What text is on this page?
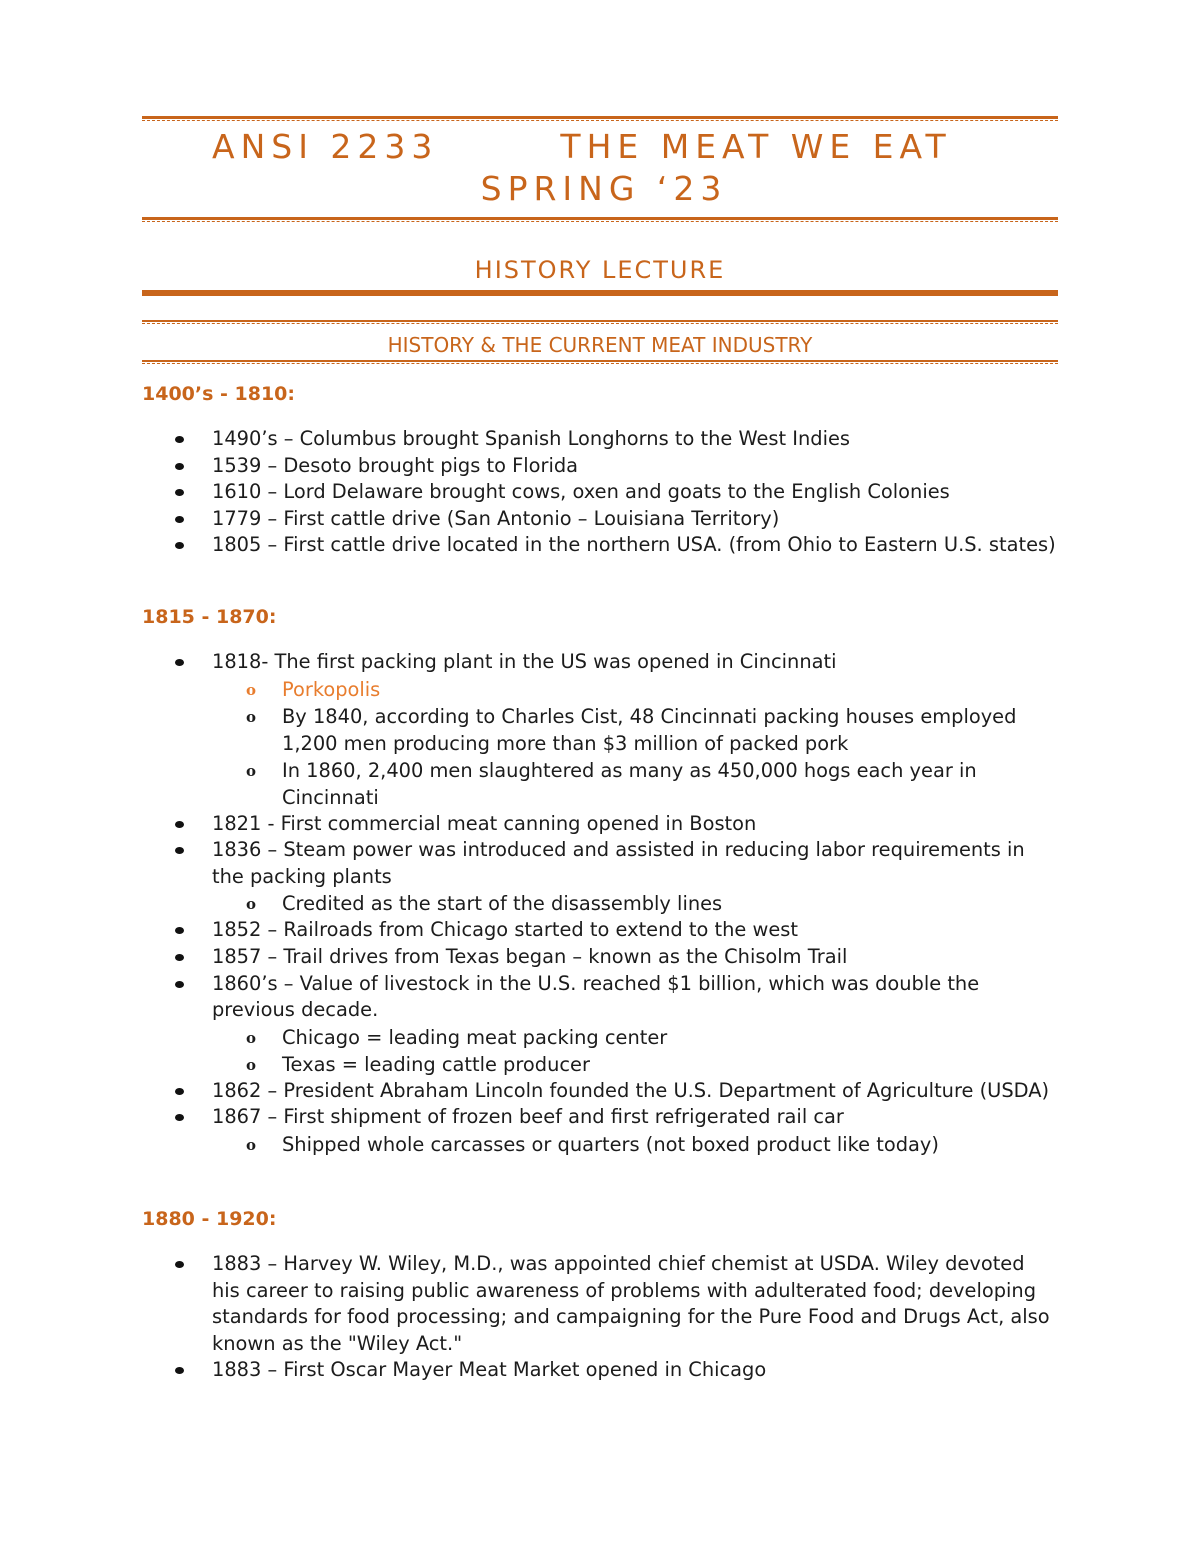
ANSI 2233	THE MEAT WE EAT
SPRING ‘23
HISTORY LECTURE
HISTORY & THE CURRENT MEAT INDUSTRY
1400’s - 1810:
1490’s – Columbus brought Spanish Longhorns to the West Indies
1539 – Desoto brought pigs to Florida
1610 – Lord Delaware brought cows, oxen and goats to the English Colonies
1779 – First cattle drive (San Antonio – Louisiana Territory)
1805 – First cattle drive located in the northern USA. (from Ohio to Eastern U.S. states)
1815 - 1870:
1818- The first packing plant in the US was opened in Cincinnati
o Porkopolis
o By 1840, according to Charles Cist, 48 Cincinnati packing houses employed 1,200 men producing more than $3 million of packed pork
o In 1860, 2,400 men slaughtered as many as 450,000 hogs each year in Cincinnati
1821 - First commercial meat canning opened in Boston
1836 – Steam power was introduced and assisted in reducing labor requirements in the packing plants
o Credited as the start of the disassembly lines
1852 – Railroads from Chicago started to extend to the west
1857 – Trail drives from Texas began – known as the Chisolm Trail
1860’s – Value of livestock in the U.S. reached $1 billion, which was double the previous decade.
o Chicago = leading meat packing center
o Texas = leading cattle producer
1862 – President Abraham Lincoln founded the U.S. Department of Agriculture (USDA)
1867 – First shipment of frozen beef and first refrigerated rail car
o Shipped whole carcasses or quarters (not boxed product like today)
1880 - 1920:
1883 – Harvey W. Wiley, M.D., was appointed chief chemist at USDA. Wiley devoted his career to raising public awareness of problems with adulterated food; developing standards for food processing; and campaigning for the Pure Food and Drugs Act, also known as the "Wiley Act."
1883 – First Oscar Mayer Meat Market opened in Chicago
